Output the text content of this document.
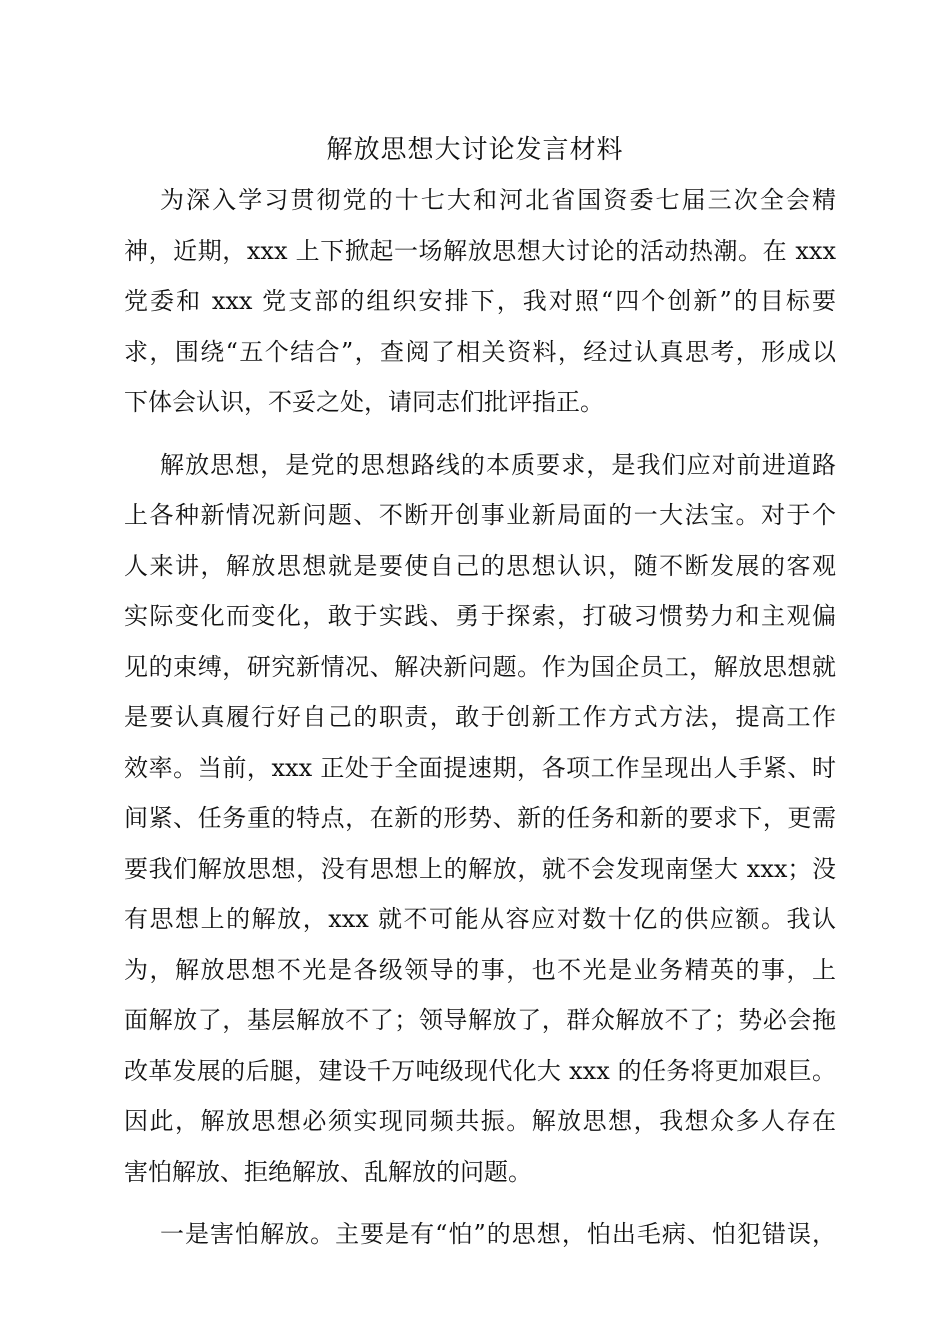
解放思想大讨论发言材料
为深入学习贯彻党的十七大和河北省国资委七届三次全会精
神，近期，xxx 上下掀起一场解放思想大讨论的活动热潮。在 xxx
党委和 xxx 党支部的组织安排下，我对照“四个创新”的目标要
求，围绕“五个结合”，查阅了相关资料，经过认真思考，形成以
下体会认识，不妥之处，请同志们批评指正。
解放思想，是党的思想路线的本质要求，是我们应对前进道路
上各种新情况新问题、不断开创事业新局面的一大法宝。对于个
人来讲，解放思想就是要使自己的思想认识，随不断发展的客观
实际变化而变化，敢于实践、勇于探索，打破习惯势力和主观偏
见的束缚，研究新情况、解决新问题。作为国企员工，解放思想就
是要认真履行好自己的职责，敢于创新工作方式方法，提高工作
效率。当前，xxx 正处于全面提速期，各项工作呈现出人手紧、时
间紧、任务重的特点，在新的形势、新的任务和新的要求下，更需
要我们解放思想，没有思想上的解放，就不会发现南堡大 xxx；没
有思想上的解放，xxx 就不可能从容应对数十亿的供应额。我认
为，解放思想不光是各级领导的事，也不光是业务精英的事，上
面解放了，基层解放不了；领导解放了，群众解放不了；势必会拖
改革发展的后腿，建设千万吨级现代化大 xxx 的任务将更加艰巨。
因此，解放思想必须实现同频共振。解放思想，我想众多人存在
害怕解放、拒绝解放、乱解放的问题。
一是害怕解放。主要是有“怕”的思想，怕出毛病、怕犯错误，
